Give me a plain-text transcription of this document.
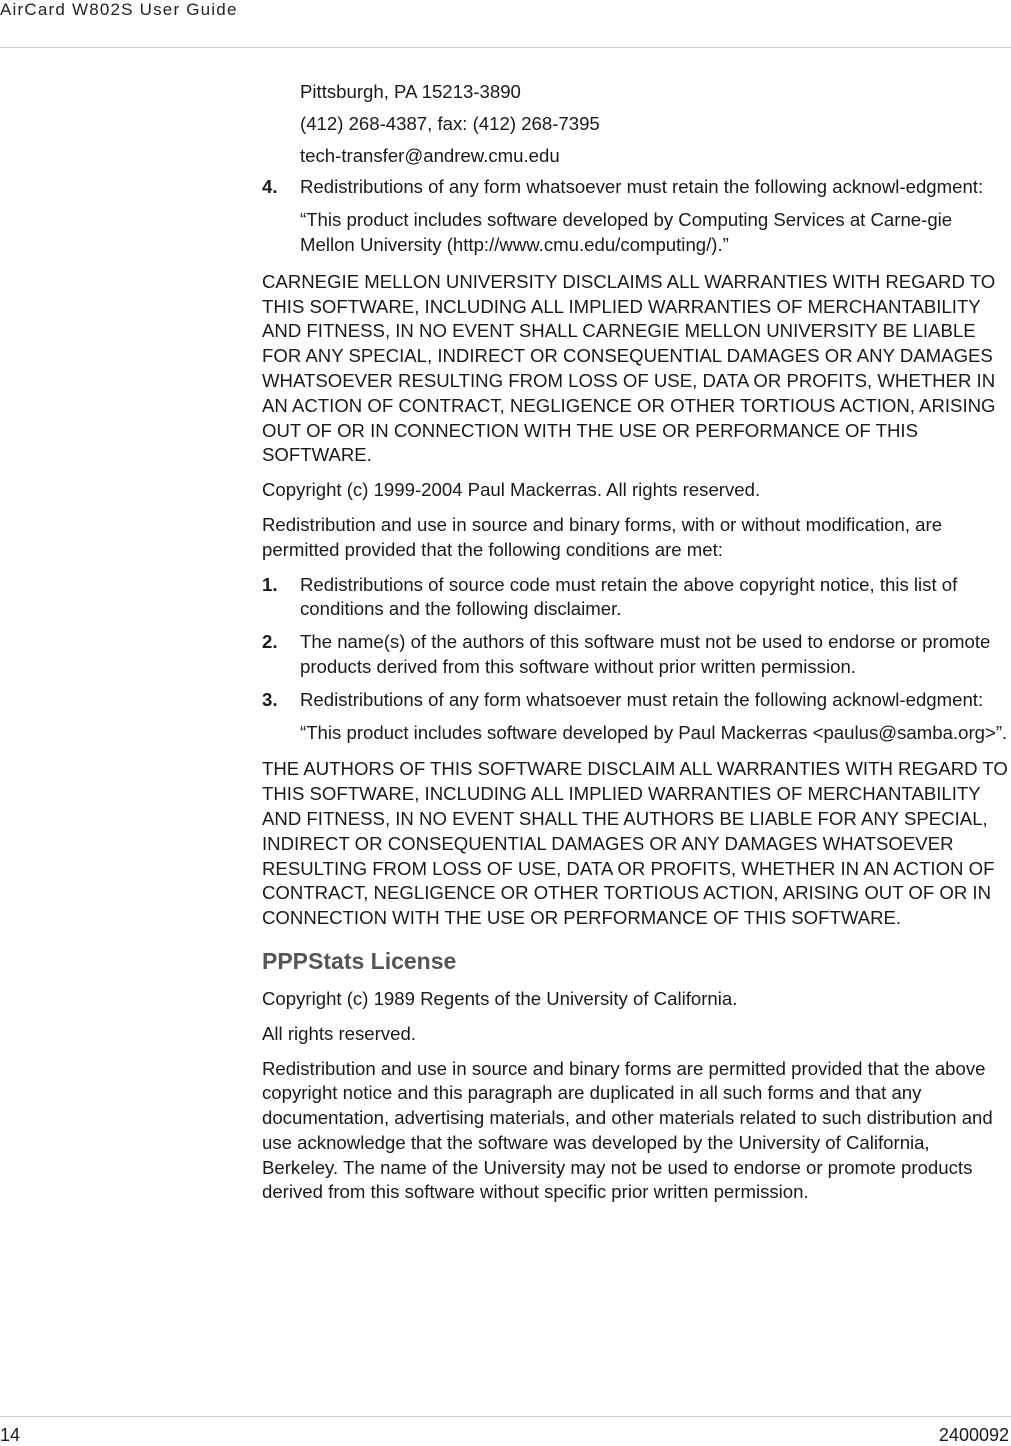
AirCard W802S User Guide

Pittsburgh, PA 15213-3890

(412) 268-4387, fax: (412) 268-7395

tech-transfer@andrew.cmu.edu

4. Redistributions of any form whatsoever must retain the following acknowl-edgment:

“This product includes software developed by Computing Services at Carne-gie Mellon University (http://www.cmu.edu/computing/).”

CARNEGIE MELLON UNIVERSITY DISCLAIMS ALL WARRANTIES WITH REGARD TO THIS SOFTWARE, INCLUDING ALL IMPLIED WARRANTIES OF MERCHANTABILITY AND FITNESS, IN NO EVENT SHALL CARNEGIE MELLON UNIVERSITY BE LIABLE FOR ANY SPECIAL, INDIRECT OR CONSEQUENTIAL DAMAGES OR ANY DAMAGES WHATSOEVER RESULTING FROM LOSS OF USE, DATA OR PROFITS, WHETHER IN AN ACTION OF CONTRACT, NEGLIGENCE OR OTHER TORTIOUS ACTION, ARISING OUT OF OR IN CONNECTION WITH THE USE OR PERFORMANCE OF THIS SOFTWARE.

Copyright (c) 1999-2004 Paul Mackerras. All rights reserved.

Redistribution and use in source and binary forms, with or without modification, are permitted provided that the following conditions are met:

1. Redistributions of source code must retain the above copyright notice, this list of conditions and the following disclaimer.
2. The name(s) of the authors of this software must not be used to endorse or promote products derived from this software without prior written permission.
3. Redistributions of any form whatsoever must retain the following acknowl-edgment:

“This product includes software developed by Paul Mackerras <paulus@samba.org>”.

THE AUTHORS OF THIS SOFTWARE DISCLAIM ALL WARRANTIES WITH REGARD TO THIS SOFTWARE, INCLUDING ALL IMPLIED WARRANTIES OF MERCHANTABILITY AND FITNESS, IN NO EVENT SHALL THE AUTHORS BE LIABLE FOR ANY SPECIAL, INDIRECT OR CONSEQUENTIAL DAMAGES OR ANY DAMAGES WHATSOEVER RESULTING FROM LOSS OF USE, DATA OR PROFITS, WHETHER IN AN ACTION OF CONTRACT, NEGLIGENCE OR OTHER TORTIOUS ACTION, ARISING OUT OF OR IN CONNECTION WITH THE USE OR PERFORMANCE OF THIS SOFTWARE.

PPPStats License

Copyright (c) 1989 Regents of the University of California.

All rights reserved.

Redistribution and use in source and binary forms are permitted provided that the above copyright notice and this paragraph are duplicated in all such forms and that any documentation, advertising materials, and other materials related to such distribution and use acknowledge that the software was developed by the University of California, Berkeley. The name of the University may not be used to endorse or promote products derived from this software without specific prior written permission.

14	2400092
